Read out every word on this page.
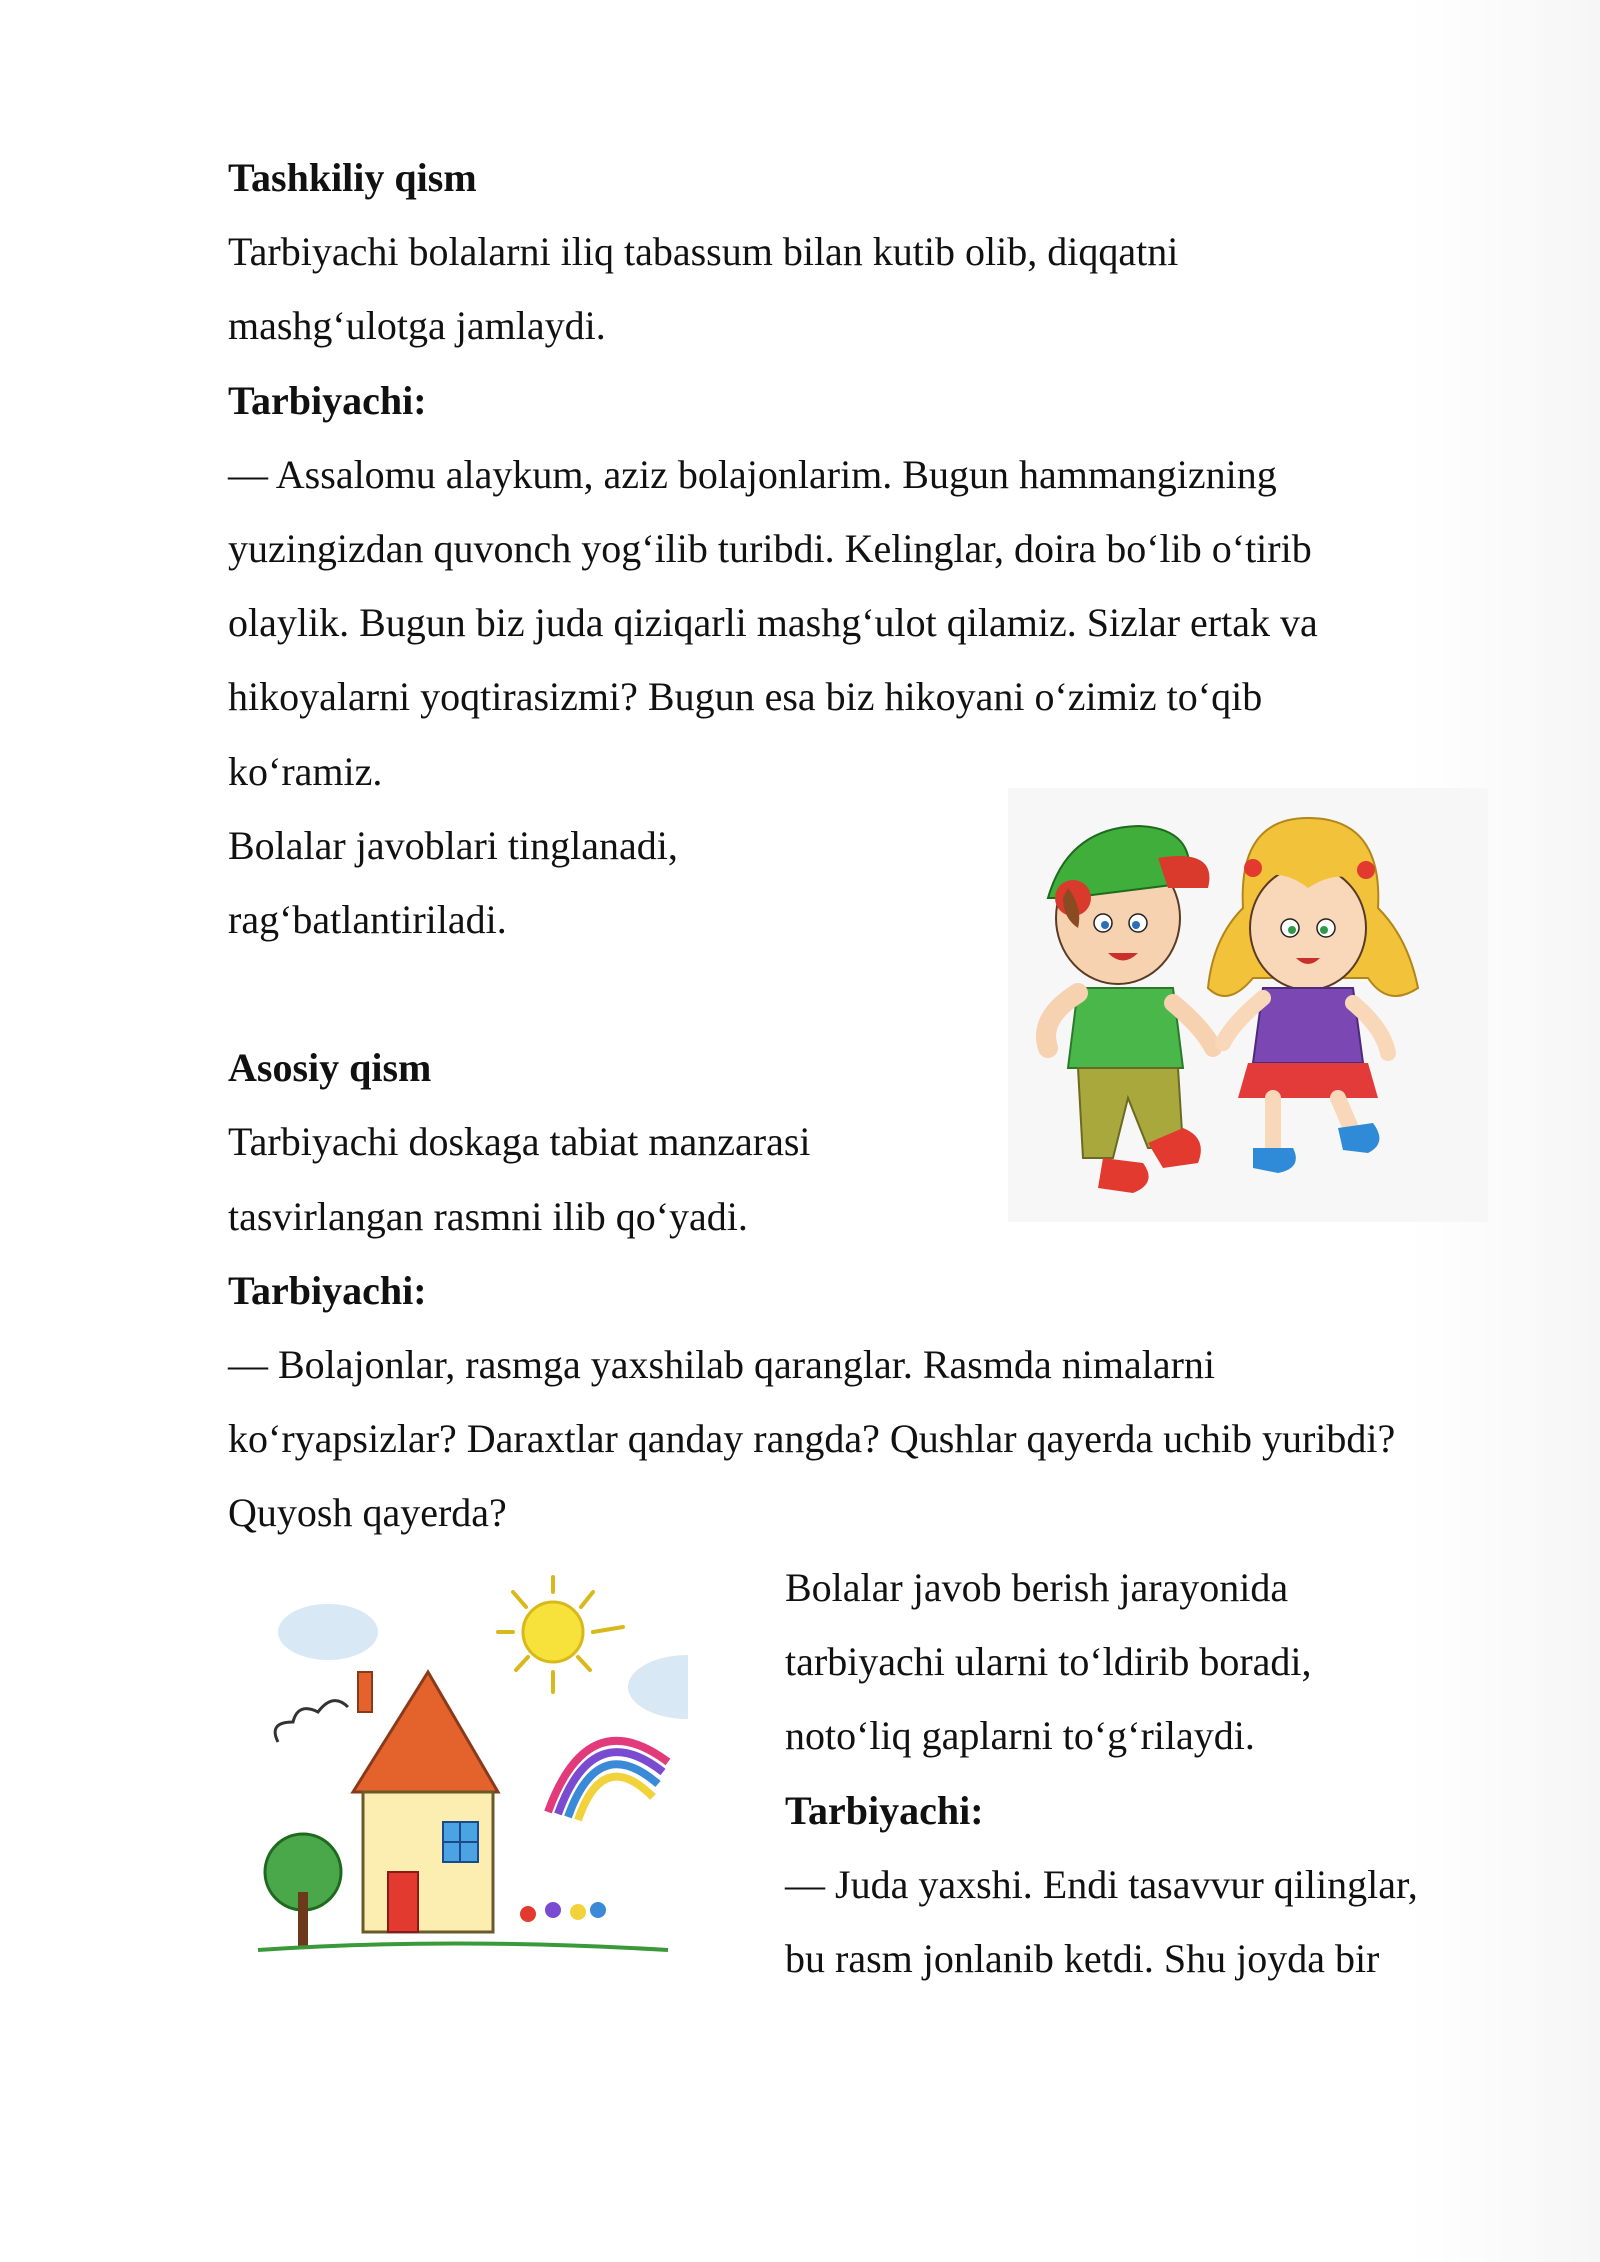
Tashkiliy qism
Tarbiyachi bolalarni iliq tabassum bilan kutib olib, diqqatni
mashg‘ulotga jamlaydi.
Tarbiyachi:
— Assalomu alaykum, aziz bolajonlarim. Bugun hammangizning
yuzingizdan quvonch yog‘ilib turibdi. Kelinglar, doira bo‘lib o‘tirib
olaylik. Bugun biz juda qiziqarli mashg‘ulot qilamiz. Sizlar ertak va
hikoyalarni yoqtirasizmi? Bugun esa biz hikoyani o‘zimiz to‘qib
ko‘ramiz.
Bolalar javoblari tinglanadi,
rag‘batlantiriladi.
Asosiy qism
Tarbiyachi doskaga tabiat manzarasi
tasvirlangan rasmni ilib qo‘yadi.
Tarbiyachi:
— Bolajonlar, rasmga yaxshilab qaranglar. Rasmda nimalarni
ko‘ryapsizlar? Daraxtlar qanday rangda? Qushlar qayerda uchib yuribdi?
Quyosh qayerda?
Bolalar javob berish jarayonida
tarbiyachi ularni to‘ldirib boradi,
noto‘liq gaplarni to‘g‘rilaydi.
Tarbiyachi:
— Juda yaxshi. Endi tasavvur qilinglar,
bu rasm jonlanib ketdi. Shu joyda bir
